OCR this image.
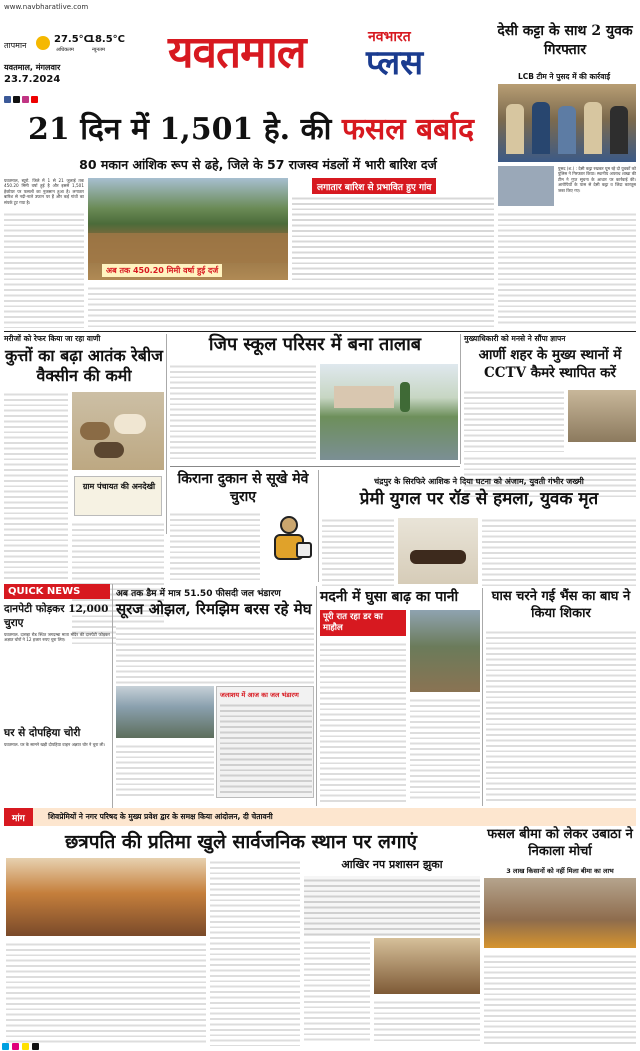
www.navbharatlive.com
तापमान
27.5°C
अधिकतम
18.5°C
न्यूनतम
यवतमाल, मंगलवार
23.7.2024
यवतमाल	नवभारत
प्लस
देसी कट्टा के साथ 2 युवक गिरफ्तार
LCB टीम ने पुसद में की कार्रवाई
पुसद (श.) : देसी कट्टा रखकर घूम रहे दो युवकों को पुलिस ने गिरफ्तार किया। स्थानीय अपराध शाखा की टीम ने गुप्त सूचना के आधार पर कार्रवाई की। आरोपियों के पास से देसी कट्टा व जिंदा कारतूस जब्त किए गए।
21 दिन में 1,501 हे. की फसल बर्बाद
80 मकान आंशिक रूप से ढहे, जिले के 57 राजस्व मंडलों में भारी बारिश दर्ज
यवतमाल, ब्यूरो. जिले में 1 से 21 जुलाई तक 450.20 मिमी वर्षा हुई है और इससे 1,501 हेक्टेयर पर फसलों का नुकसान हुआ है। लगातार बारिश से नदी-नाले उफान पर हैं और कई गांवों का संपर्क टूट गया है।
अब तक 450.20 मिमी वर्षा हुई दर्ज
लगातार बारिश से प्रभावित हुए गांव
मरीजों को रेफर किया जा रहा वाणी
कुत्तों का बढ़ा आतंक रेबीज वैक्सीन की कमी
ग्राम पंचायत की अनदेखी
जिप स्कूल परिसर में बना तालाब	मुख्याधिकारी को मनसे ने सौंपा ज्ञापन
आर्णी शहर के मुख्य स्थानों में CCTV कैमरे स्थापित करें
किराना दुकान से सूखे मेवे चुराए
चंद्रपुर के सिरफिरे आशिक ने दिया घटना को अंजाम, युवती गंभीर जख्मी
प्रेमी युगल पर रॉड से हमला, युवक मृत
QUICK NEWS
दानपेटी फोड़कर 12,000 चुराए
यवतमाल. दारव्हा रोड स्थित जगदम्बा माता मंदिर की दानपेटी फोड़कर अज्ञात चोरों ने 12 हजार रुपए चुरा लिए।
घर से दोपहिया चोरी
यवतमाल. घर के सामने खड़ी दोपहिया वाहन अज्ञात चोर ने चुरा ली।
अब तक डैम में मात्र 51.50 फीसदी जल भंडारण
सूरज ओझल, रिमझिम बरस रहे मेघ
जलाशय में आज का जल भंडारण
मदनी में घुसा बाढ़ का पानी
पूरी रात रहा डर का माहौल
घास चरने गई भैंस का बाघ ने किया शिकार
मांग	शिवप्रेमियों ने नगर परिषद के मुख्य प्रवेश द्वार के समक्ष किया आंदोलन, दी चेतावनी
छत्रपति की प्रतिमा खुले सार्वजनिक स्थान पर लगाएं	फसल बीमा को लेकर उबाठा ने निकाला मोर्चा
3 लाख किसानों को नहीं मिला बीमा का लाभ
आखिर नप प्रशासन झुका
